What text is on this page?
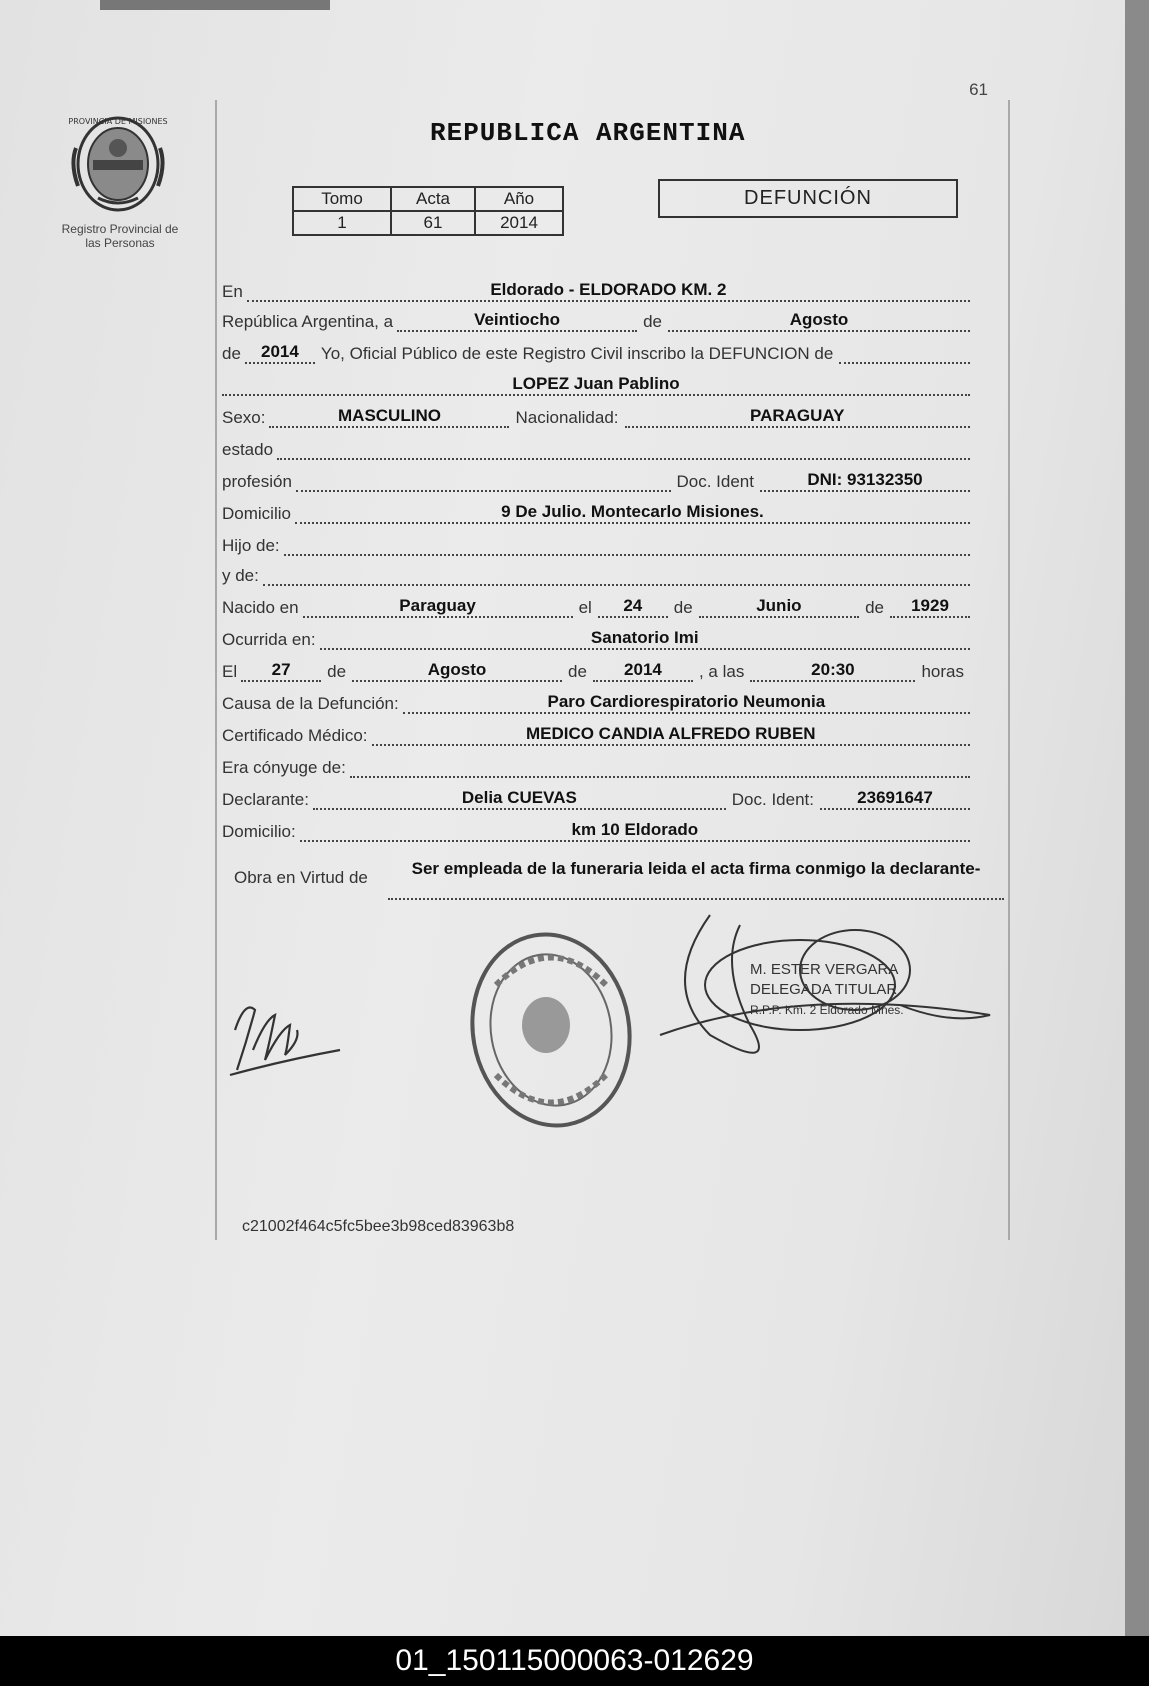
61
PROVINCIA DE MISIONES
Registro Provincial de
las Personas
REPUBLICA ARGENTINA
Tomo	Acta	Año
1	61	2014
DEFUNCIÓN
En	Eldorado - ELDORADO KM. 2
República Argentina, a	Veintiocho	de	Agosto
de	2014	Yo, Oficial Público de este Registro Civil inscribo la DEFUNCION de
LOPEZ Juan Pablino
Sexo:	MASCULINO	Nacionalidad:	PARAGUAY
estado
profesión	Doc. Ident	DNI: 93132350
Domicilio	9 De Julio. Montecarlo Misiones.
Hijo de:
y de:
Nacido en	Paraguay	el	24	de	Junio	de	1929
Ocurrida en:	Sanatorio Imi
El	27	de	Agosto	de	2014	, a las	20:30	horas
Causa de la Defunción:	Paro Cardiorespiratorio Neumonia
Certificado Médico:	MEDICO CANDIA ALFREDO RUBEN
Era cónyuge de:
Declarante:	Delia CUEVAS	Doc. Ident:	23691647
Domicilio:	km 10 Eldorado
Obra en Virtud de	Ser empleada de la funeraria leida el acta firma conmigo la declarante-
M. ESTER VERGARA
DELEGADA TITULAR
R.P.P. Km. 2 Eldorado Mnes.
c21002f464c5fc5bee3b98ced83963b8
01_150115000063-012629
